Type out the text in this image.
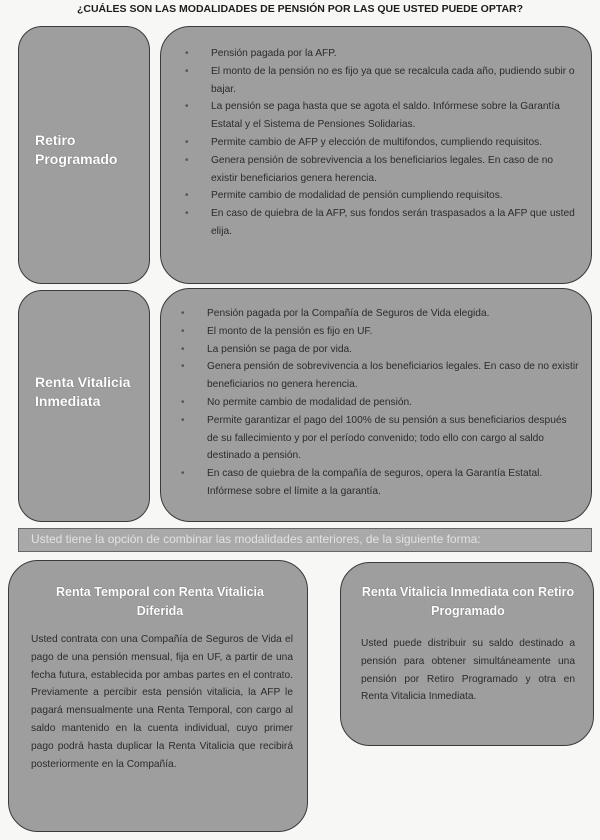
¿CUÁLES SON LAS MODALIDADES DE PENSIÓN POR LAS QUE USTED PUEDE OPTAR?
Retiro Programado
• Pensión pagada por la AFP.
• El monto de la pensión no es fijo ya que se recalcula cada año, pudiendo subir o bajar.
• La pensión se paga hasta que se agota el saldo. Infórmese sobre la Garantía Estatal y el Sistema de Pensiones Solidarias.
• Permite cambio de AFP y elección de multifondos, cumpliendo requisitos.
• Genera pensión de sobrevivencia a los beneficiarios legales. En caso de no existir beneficiarios genera herencia.
• Permite cambio de modalidad de pensión cumpliendo requisitos.
• En caso de quiebra de la AFP, sus fondos serán traspasados a la AFP que usted elija.
Renta Vitalicia Inmediata
• Pensión pagada por la Compañía de Seguros de Vida elegida.
• El monto de la pensión es fijo en UF.
• La pensión se paga de por vida.
• Genera pensión de sobrevivencia a los beneficiarios legales. En caso de no existir beneficiarios no genera herencia.
• No permite cambio de modalidad de pensión.
• Permite garantizar el pago del 100% de su pensión a sus beneficiarios después de su fallecimiento y por el período convenido; todo ello con cargo al saldo destinado a pensión.
• En caso de quiebra de la compañía de seguros, opera la Garantía Estatal. Infórmese sobre el límite a la garantía.
Usted tiene la opción de combinar las modalidades anteriores, de la siguiente forma:
Renta Temporal con Renta Vitalicia Diferida
Usted contrata con una Compañía de Seguros de Vida el pago de una pensión mensual, fija en UF, a partir de una fecha futura, establecida por ambas partes en el contrato. Previamente a percibir esta pensión vitalicia, la AFP le pagará mensualmente una Renta Temporal, con cargo al saldo mantenido en la cuenta individual, cuyo primer pago podrá hasta duplicar la Renta Vitalicia que recibirá posteriormente en la Compañía.
Renta Vitalicia Inmediata con Retiro Programado
Usted puede distribuir su saldo destinado a pensión para obtener simultáneamente una pensión por Retiro Programado y otra en Renta Vitalicia Inmediata.
